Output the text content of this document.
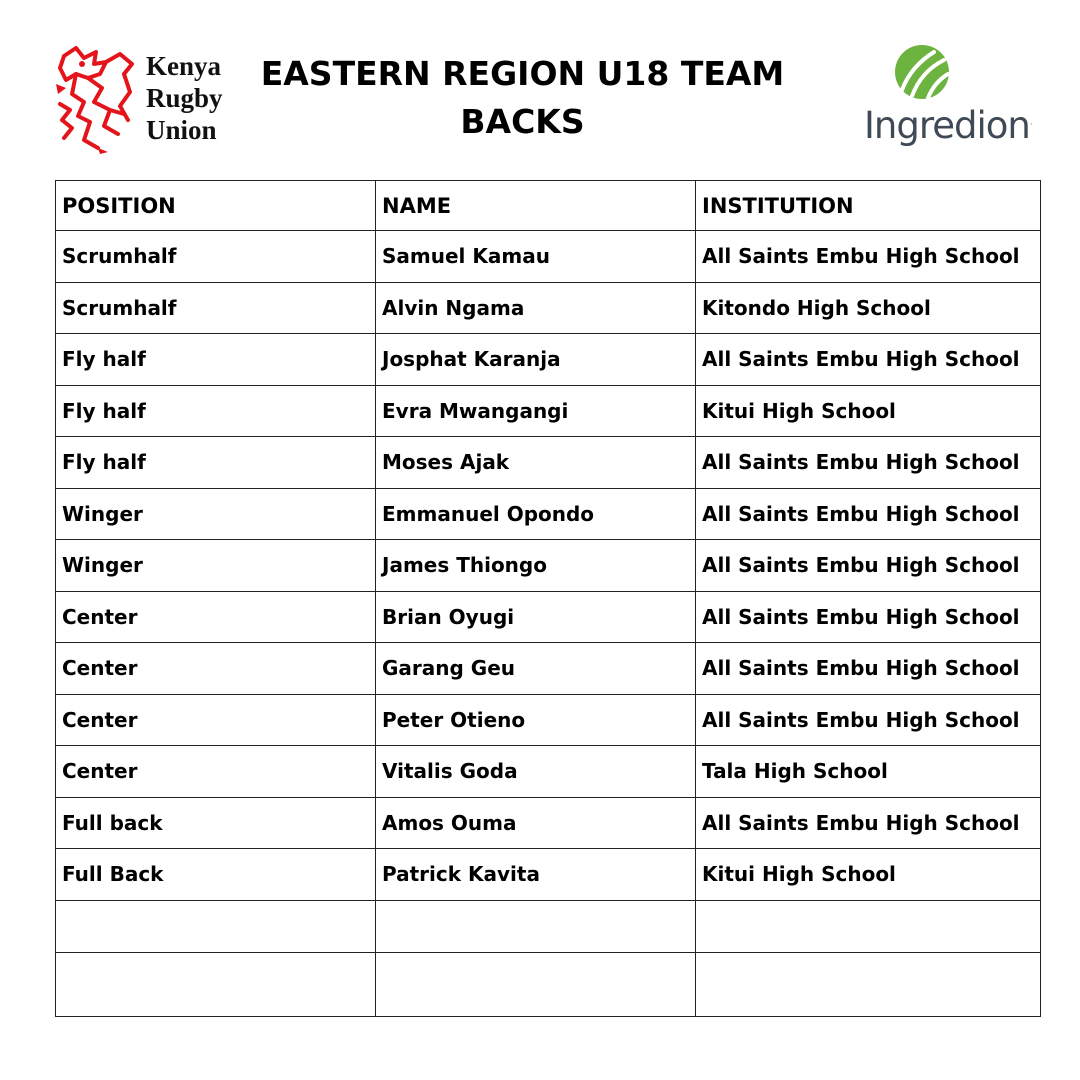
Kenya
Rugby
Union
EASTERN REGION U18 TEAM
BACKS	Ingredion.
POSITION	NAME	INSTITUTION
Scrumhalf	Samuel Kamau	All Saints Embu High School
Scrumhalf	Alvin Ngama	Kitondo High School
Fly half	Josphat Karanja	All Saints Embu High School
Fly half	Evra Mwangangi	Kitui High School
Fly half	Moses Ajak	All Saints Embu High School
Winger	Emmanuel Opondo	All Saints Embu High School
Winger	James Thiongo	All Saints Embu High School
Center	Brian Oyugi	All Saints Embu High School
Center	Garang Geu	All Saints Embu High School
Center	Peter Otieno	All Saints Embu High School
Center	Vitalis Goda	Tala High School
Full back	Amos Ouma	All Saints Embu High School
Full Back	Patrick Kavita	Kitui High School
